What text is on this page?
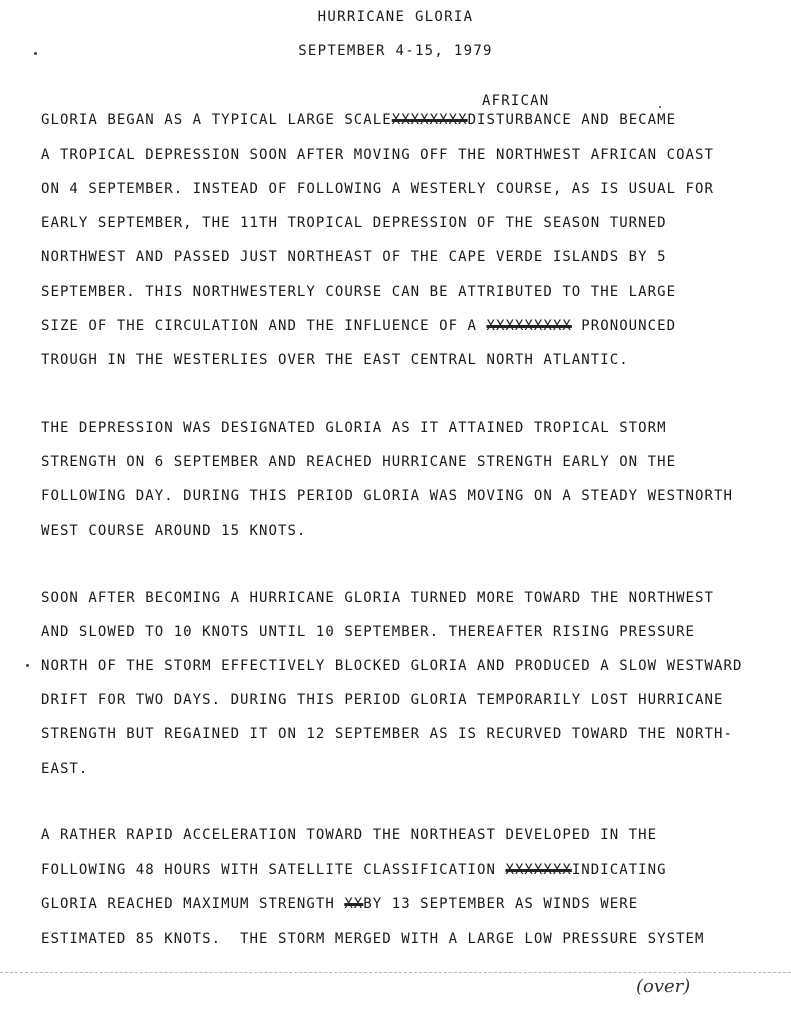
HURRICANE GLORIA
SEPTEMBER 4-15, 1979
AFRICAN
GLORIA BEGAN AS A TYPICAL LARGE SCALEXXXXXXXXDISTURBANCE AND BECAME
A TROPICAL DEPRESSION SOON AFTER MOVING OFF THE NORTHWEST AFRICAN COAST
ON 4 SEPTEMBER. INSTEAD OF FOLLOWING A WESTERLY COURSE, AS IS USUAL FOR
EARLY SEPTEMBER, THE 11TH TROPICAL DEPRESSION OF THE SEASON TURNED
NORTHWEST AND PASSED JUST NORTHEAST OF THE CAPE VERDE ISLANDS BY 5
SEPTEMBER. THIS NORTHWESTERLY COURSE CAN BE ATTRIBUTED TO THE LARGE
SIZE OF THE CIRCULATION AND THE INFLUENCE OF A XXXXXXXXX PRONOUNCED
TROUGH IN THE WESTERLIES OVER THE EAST CENTRAL NORTH ATLANTIC.
THE DEPRESSION WAS DESIGNATED GLORIA AS IT ATTAINED TROPICAL STORM
STRENGTH ON 6 SEPTEMBER AND REACHED HURRICANE STRENGTH EARLY ON THE
FOLLOWING DAY. DURING THIS PERIOD GLORIA WAS MOVING ON A STEADY WESTNORTH
WEST COURSE AROUND 15 KNOTS.
SOON AFTER BECOMING A HURRICANE GLORIA TURNED MORE TOWARD THE NORTHWEST
AND SLOWED TO 10 KNOTS UNTIL 10 SEPTEMBER. THEREAFTER RISING PRESSURE
NORTH OF THE STORM EFFECTIVELY BLOCKED GLORIA AND PRODUCED A SLOW WESTWARD
DRIFT FOR TWO DAYS. DURING THIS PERIOD GLORIA TEMPORARILY LOST HURRICANE
STRENGTH BUT REGAINED IT ON 12 SEPTEMBER AS IS RECURVED TOWARD THE NORTH-
EAST.
A RATHER RAPID ACCELERATION TOWARD THE NORTHEAST DEVELOPED IN THE
FOLLOWING 48 HOURS WITH SATELLITE CLASSIFICATION XXXXXXXINDICATING
GLORIA REACHED MAXIMUM STRENGTH XXBY 13 SEPTEMBER AS WINDS WERE
ESTIMATED 85 KNOTS.  THE STORM MERGED WITH A LARGE LOW PRESSURE SYSTEM
(over)
